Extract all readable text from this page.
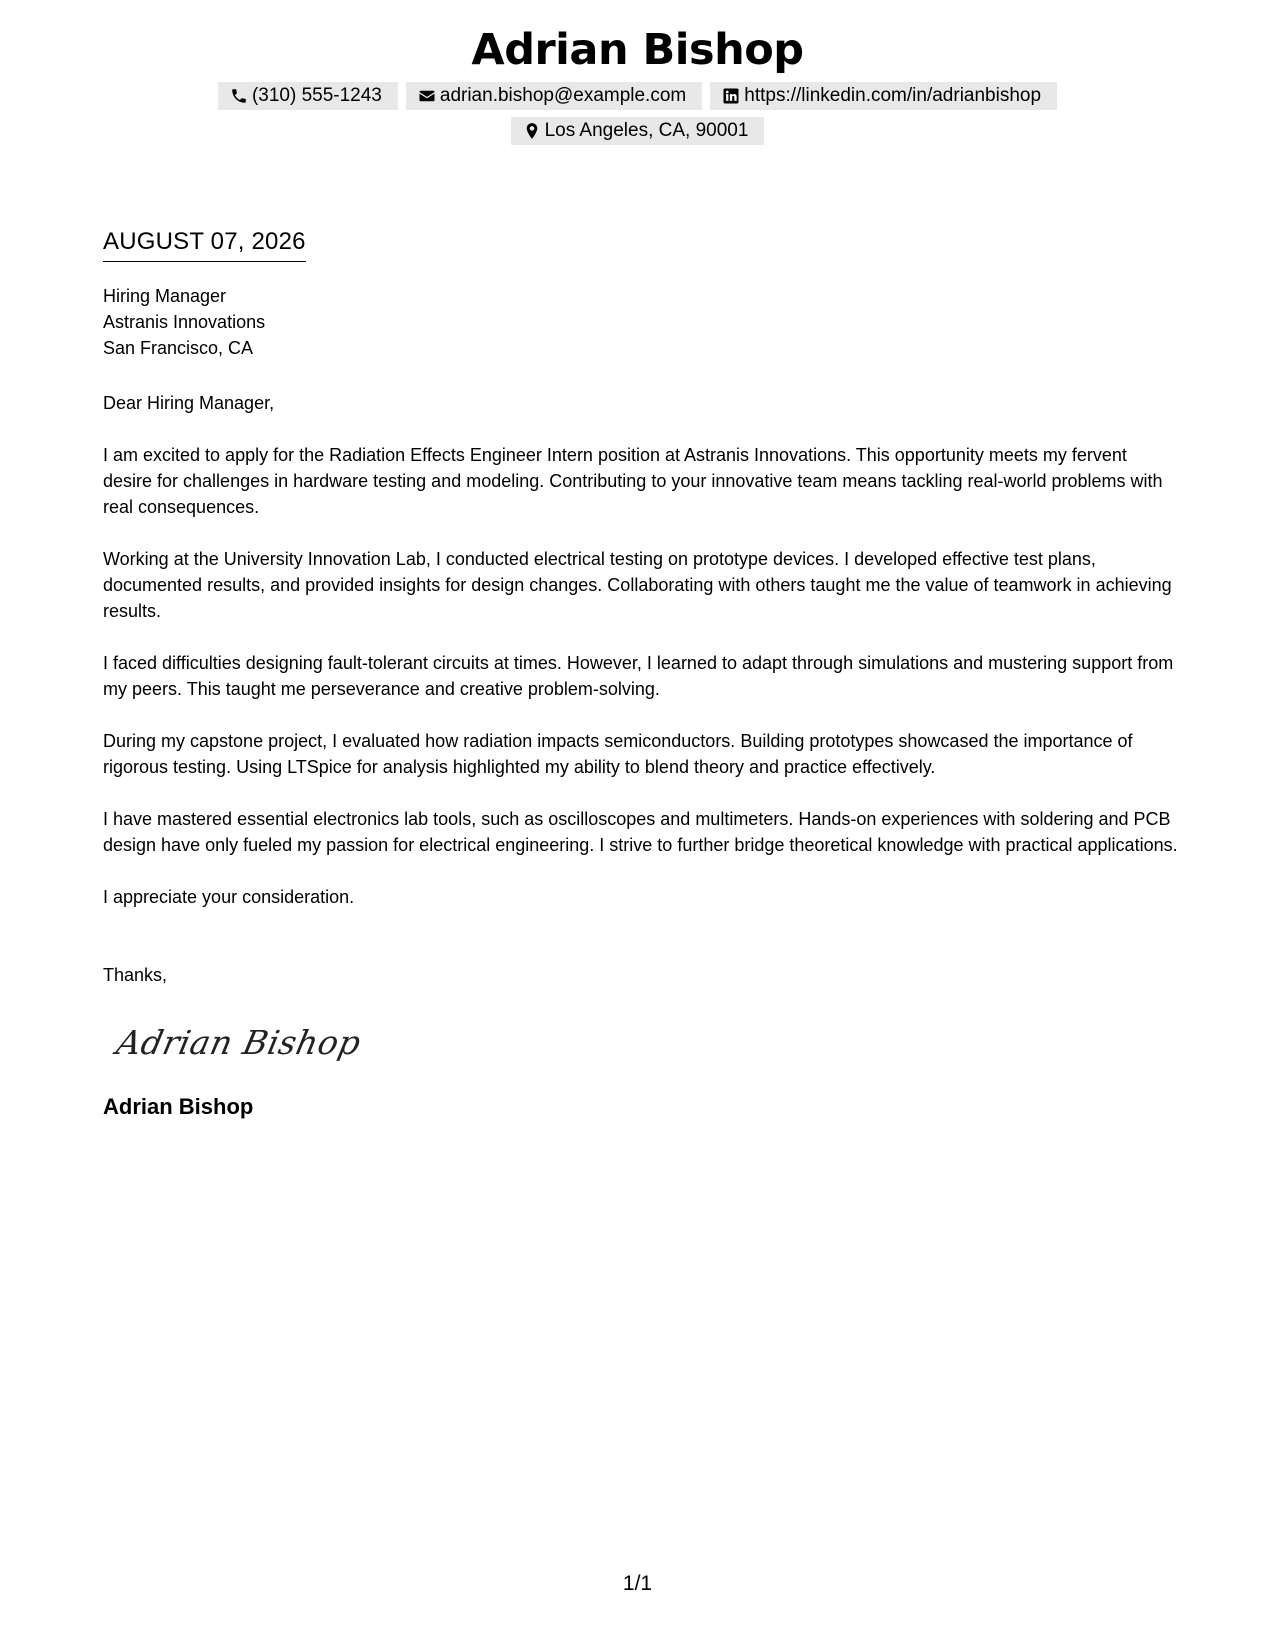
Adrian Bishop
(310) 555-1243	adrian.bishop@example.com	https://linkedin.com/in/adrianbishop
Los Angeles, CA, 90001
AUGUST 07, 2026
Hiring Manager
Astranis Innovations
San Francisco, CA
Dear Hiring Manager,

I am excited to apply for the Radiation Effects Engineer Intern position at Astranis Innovations. This opportunity meets my fervent desire for challenges in hardware testing and modeling. Contributing to your innovative team means tackling real-world problems with real consequences.

Working at the University Innovation Lab, I conducted electrical testing on prototype devices. I developed effective test plans, documented results, and provided insights for design changes. Collaborating with others taught me the value of teamwork in achieving results.

I faced difficulties designing fault-tolerant circuits at times. However, I learned to adapt through simulations and mustering support from my peers. This taught me perseverance and creative problem-solving.

During my capstone project, I evaluated how radiation impacts semiconductors. Building prototypes showcased the importance of rigorous testing. Using LTSpice for analysis highlighted my ability to blend theory and practice effectively.

I have mastered essential electronics lab tools, such as oscilloscopes and multimeters. Hands-on experiences with soldering and PCB design have only fueled my passion for electrical engineering. I strive to further bridge theoretical knowledge with practical applications.

I appreciate your consideration.

Thanks,
Adrian Bishop
Adrian Bishop
1/1
